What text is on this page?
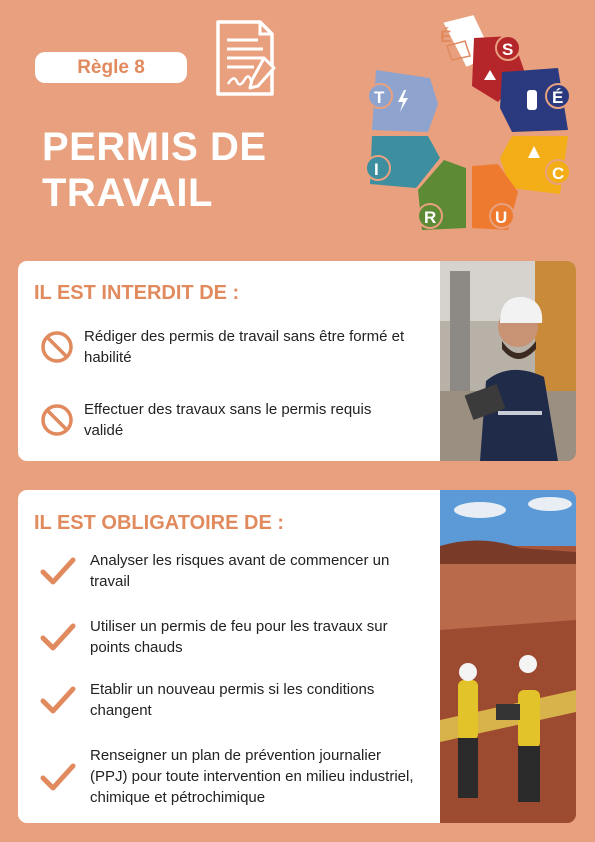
Règle 8
PERMIS DE
TRAVAIL
É
S
É
C
U
R
I
T
IL EST INTERDIT DE :
Rédiger des permis de travail sans être formé et
habilité
Effectuer des travaux sans le permis requis
validé
IL EST OBLIGATOIRE DE :
Analyser les risques avant de commencer un
travail
Utiliser un permis de feu pour les travaux sur
points chauds
Etablir un nouveau permis si les conditions
changent
Renseigner un plan de prévention journalier
(PPJ) pour toute intervention en milieu industriel,
chimique et pétrochimique
